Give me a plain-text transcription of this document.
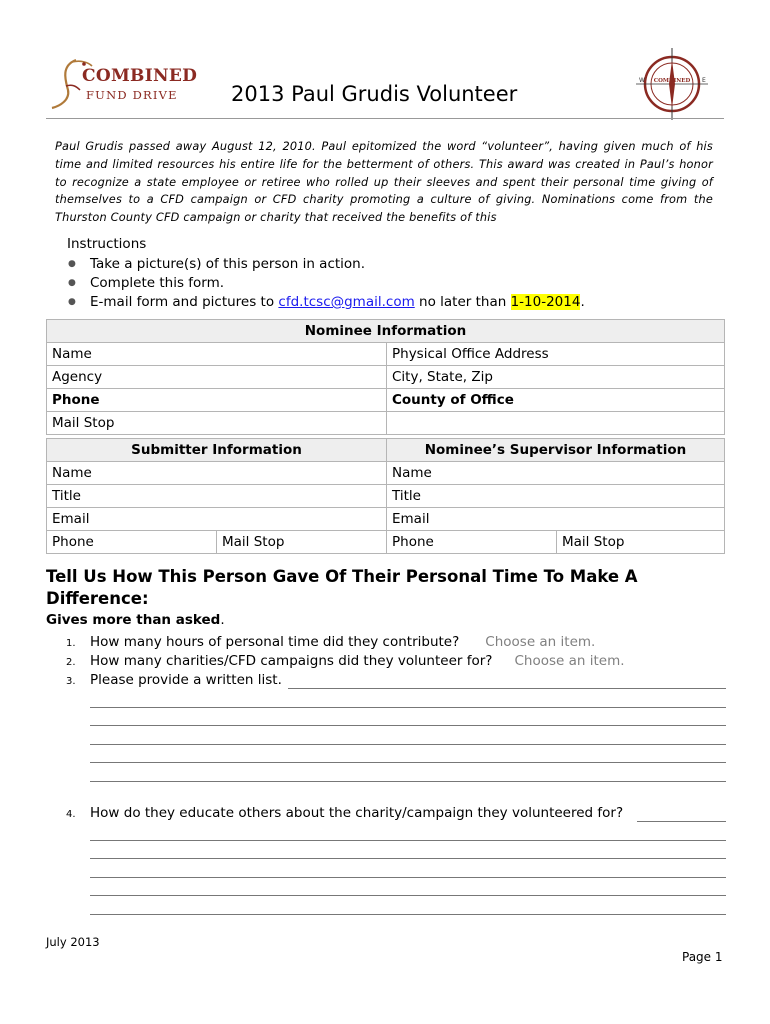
COMBINED
FUND DRIVE	2013 Paul Grudis Volunteer
COMBINED
W	E
Paul Grudis passed away August 12, 2010. Paul epitomized the word “volunteer”, having given much of his time and limited resources his entire life for the betterment of others. This award was created in Paul’s honor to recognize a state employee or retiree who rolled up their sleeves and spent their personal time giving of themselves to a CFD campaign or CFD charity promoting a culture of giving. Nominations come from the Thurston County CFD campaign or charity that received the benefits of this
Instructions
● Take a picture(s) of this person in action.
● Complete this form.
● E-mail form and pictures to cfd.tcsc@gmail.com no later than 1-10-2014.
Nominee Information	
Name	Physical Office Address
Agency	City, State, Zip
Phone	County of Office
Mail Stop	
Submitter Information		Nominee’s Supervisor Information	
Name		Name	
Title		Title	
Email		Email	
Phone	Mail Stop	Phone	Mail Stop
Tell Us How This Person Gave Of Their Personal Time To Make A Difference:
Gives more than asked.
1. How many hours of personal time did they contribute? Choose an item.
2. How many charities/CFD campaigns did they volunteer for? Choose an item.
3. Please provide a written list.
4. How do they educate others about the charity/campaign they volunteered for?
July 2013
Page 1
